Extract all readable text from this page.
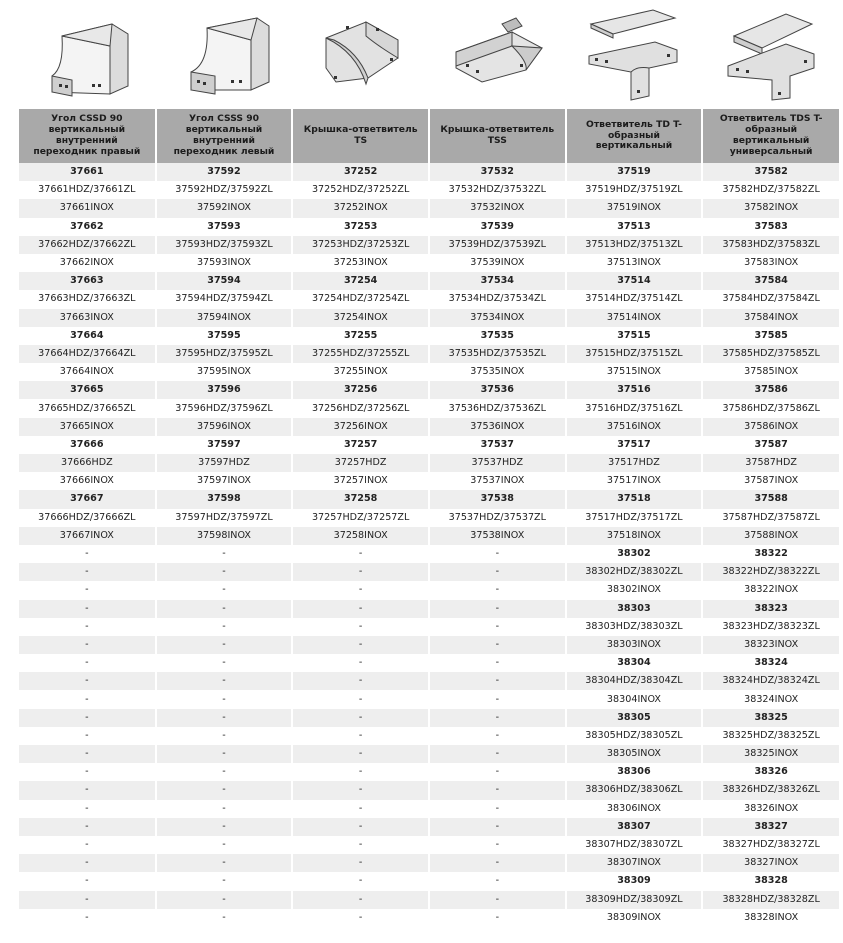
Угол CSSD 90 вертикальный внутренний переходник правый	Угол CSSS 90 вертикальный внутренний переходник левый	Крышка-ответвитель TS	Крышка-ответвитель TSS	Ответвитель TD T-образный вертикальный	Ответвитель TDS T-образный вертикальный универсальный
37661	37592	37252	37532	37519	37582
37661HDZ/37661ZL	37592HDZ/37592ZL	37252HDZ/37252ZL	37532HDZ/37532ZL	37519HDZ/37519ZL	37582HDZ/37582ZL
37661INOX	37592INOX	37252INOX	37532INOX	37519INOX	37582INOX
37662	37593	37253	37539	37513	37583
37662HDZ/37662ZL	37593HDZ/37593ZL	37253HDZ/37253ZL	37539HDZ/37539ZL	37513HDZ/37513ZL	37583HDZ/37583ZL
37662INOX	37593INOX	37253INOX	37539INOX	37513INOX	37583INOX
37663	37594	37254	37534	37514	37584
37663HDZ/37663ZL	37594HDZ/37594ZL	37254HDZ/37254ZL	37534HDZ/37534ZL	37514HDZ/37514ZL	37584HDZ/37584ZL
37663INOX	37594INOX	37254INOX	37534INOX	37514INOX	37584INOX
37664	37595	37255	37535	37515	37585
37664HDZ/37664ZL	37595HDZ/37595ZL	37255HDZ/37255ZL	37535HDZ/37535ZL	37515HDZ/37515ZL	37585HDZ/37585ZL
37664INOX	37595INOX	37255INOX	37535INOX	37515INOX	37585INOX
37665	37596	37256	37536	37516	37586
37665HDZ/37665ZL	37596HDZ/37596ZL	37256HDZ/37256ZL	37536HDZ/37536ZL	37516HDZ/37516ZL	37586HDZ/37586ZL
37665INOX	37596INOX	37256INOX	37536INOX	37516INOX	37586INOX
37666	37597	37257	37537	37517	37587
37666HDZ	37597HDZ	37257HDZ	37537HDZ	37517HDZ	37587HDZ
37666INOX	37597INOX	37257INOX	37537INOX	37517INOX	37587INOX
37667	37598	37258	37538	37518	37588
37666HDZ/37666ZL	37597HDZ/37597ZL	37257HDZ/37257ZL	37537HDZ/37537ZL	37517HDZ/37517ZL	37587HDZ/37587ZL
37667INOX	37598INOX	37258INOX	37538INOX	37518INOX	37588INOX
-	-	-	-	38302	38322
-	-	-	-	38302HDZ/38302ZL	38322HDZ/38322ZL
-	-	-	-	38302INOX	38322INOX
-	-	-	-	38303	38323
-	-	-	-	38303HDZ/38303ZL	38323HDZ/38323ZL
-	-	-	-	38303INOX	38323INOX
-	-	-	-	38304	38324
-	-	-	-	38304HDZ/38304ZL	38324HDZ/38324ZL
-	-	-	-	38304INOX	38324INOX
-	-	-	-	38305	38325
-	-	-	-	38305HDZ/38305ZL	38325HDZ/38325ZL
-	-	-	-	38305INOX	38325INOX
-	-	-	-	38306	38326
-	-	-	-	38306HDZ/38306ZL	38326HDZ/38326ZL
-	-	-	-	38306INOX	38326INOX
-	-	-	-	38307	38327
-	-	-	-	38307HDZ/38307ZL	38327HDZ/38327ZL
-	-	-	-	38307INOX	38327INOX
-	-	-	-	38309	38328
-	-	-	-	38309HDZ/38309ZL	38328HDZ/38328ZL
-	-	-	-	38309INOX	38328INOX
